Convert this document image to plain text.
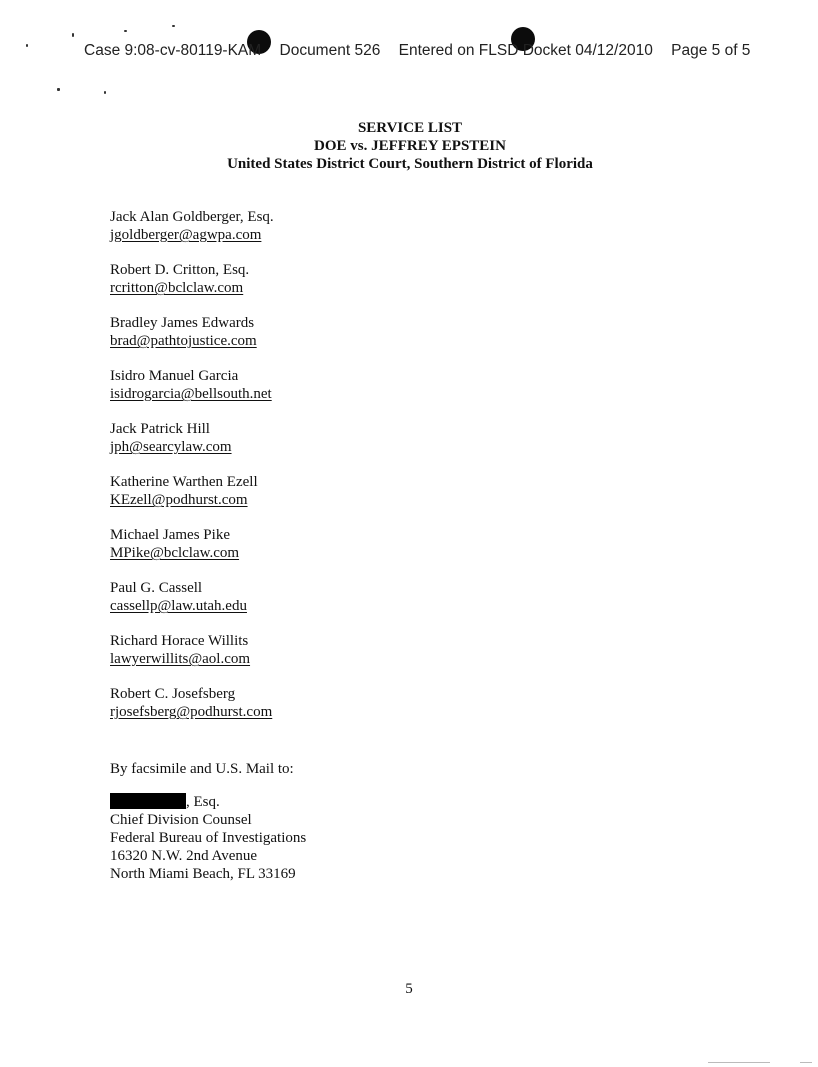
Case 9:08-cv-80119-KAM Document 526 Entered on FLSD Docket 04/12/2010 Page 5 of 5
SERVICE LIST
DOE vs. JEFFREY EPSTEIN
United States District Court, Southern District of Florida
Jack Alan Goldberger, Esq.
jgoldberger@agwpa.com
Robert D. Critton, Esq.
rcritton@bclclaw.com
Bradley James Edwards
brad@pathtojustice.com
Isidro Manuel Garcia
isidrogarcia@bellsouth.net
Jack Patrick Hill
jph@searcylaw.com
Katherine Warthen Ezell
KEzell@podhurst.com
Michael James Pike
MPike@bclclaw.com
Paul G. Cassell
cassellp@law.utah.edu
Richard Horace Willits
lawyerwillits@aol.com
Robert C. Josefsberg
rjosefsberg@podhurst.com
By facsimile and U.S. Mail to:
, Esq.
Chief Division Counsel
Federal Bureau of Investigations
16320 N.W. 2nd Avenue
North Miami Beach, FL 33169
5
